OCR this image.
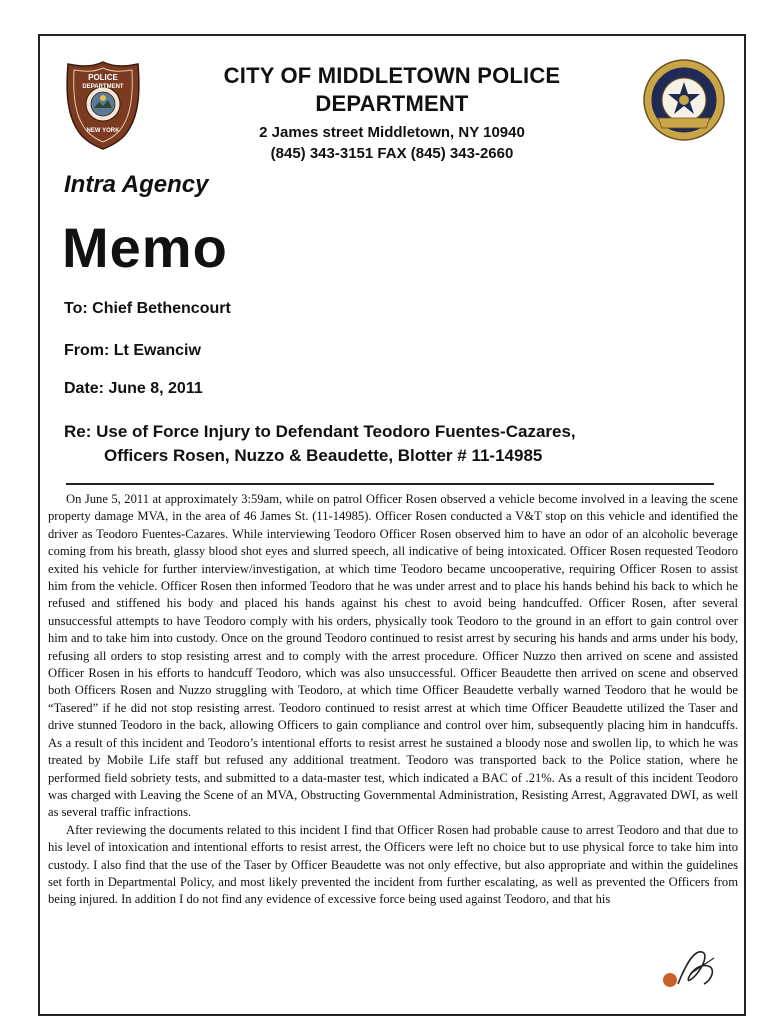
POLICE
DEPARTMENT
NEW YORK
CITY OF MIDDLETOWN POLICE
DEPARTMENT
2 James street Middletown, NY 10940
(845) 343-3151 FAX (845) 343-2660
Intra Agency
Memo
To: Chief Bethencourt
From: Lt Ewanciw
Date: June 8, 2011
Re: Use of Force Injury to Defendant Teodoro Fuentes-Cazares,
Officers Rosen, Nuzzo & Beaudette, Blotter # 11-14985

On June 5, 2011 at approximately 3:59am, while on patrol Officer Rosen observed a vehicle become involved in a leaving the scene property damage MVA, in the area of 46 James St. (11-14985). Officer Rosen conducted a V&T stop on this vehicle and identified the driver as Teodoro Fuentes-Cazares. While interviewing Teodoro Officer Rosen observed him to have an odor of an alcoholic beverage coming from his breath, glassy blood shot eyes and slurred speech, all indicative of being intoxicated. Officer Rosen requested Teodoro exited his vehicle for further interview/investigation, at which time Teodoro became uncooperative, requiring Officer Rosen to assist him from the vehicle. Officer Rosen then informed Teodoro that he was under arrest and to place his hands behind his back to which he refused and stiffened his body and placed his hands against his chest to avoid being handcuffed. Officer Rosen, after several unsuccessful attempts to have Teodoro comply with his orders, physically took Teodoro to the ground in an effort to gain control over him and to take him into custody. Once on the ground Teodoro continued to resist arrest by securing his hands and arms under his body, refusing all orders to stop resisting arrest and to comply with the arrest procedure. Officer Nuzzo then arrived on scene and assisted Officer Rosen in his efforts to handcuff Teodoro, which was also unsuccessful. Officer Beaudette then arrived on scene and observed both Officers Rosen and Nuzzo struggling with Teodoro, at which time Officer Beaudette verbally warned Teodoro that he would be “Tasered” if he did not stop resisting arrest. Teodoro continued to resist arrest at which time Officer Beaudette utilized the Taser and drive stunned Teodoro in the back, allowing Officers to gain compliance and control over him, subsequently placing him in handcuffs. As a result of this incident and Teodoro’s intentional efforts to resist arrest he sustained a bloody nose and swollen lip, to which he was treated by Mobile Life staff but refused any additional treatment. Teodoro was transported back to the Police station, where he performed field sobriety tests, and submitted to a data-master test, which indicated a BAC of .21%. As a result of this incident Teodoro was charged with Leaving the Scene of an MVA, Obstructing Governmental Administration, Resisting Arrest, Aggravated DWI, as well as several traffic infractions.

After reviewing the documents related to this incident I find that Officer Rosen had probable cause to arrest Teodoro and that due to his level of intoxication and intentional efforts to resist arrest, the Officers were left no choice but to use physical force to take him into custody. I also find that the use of the Taser by Officer Beaudette was not only effective, but also appropriate and within the guidelines set forth in Departmental Policy, and most likely prevented the incident from further escalating, as well as prevented the Officers from being injured. In addition I do not find any evidence of excessive force being used against Teodoro, and that his
